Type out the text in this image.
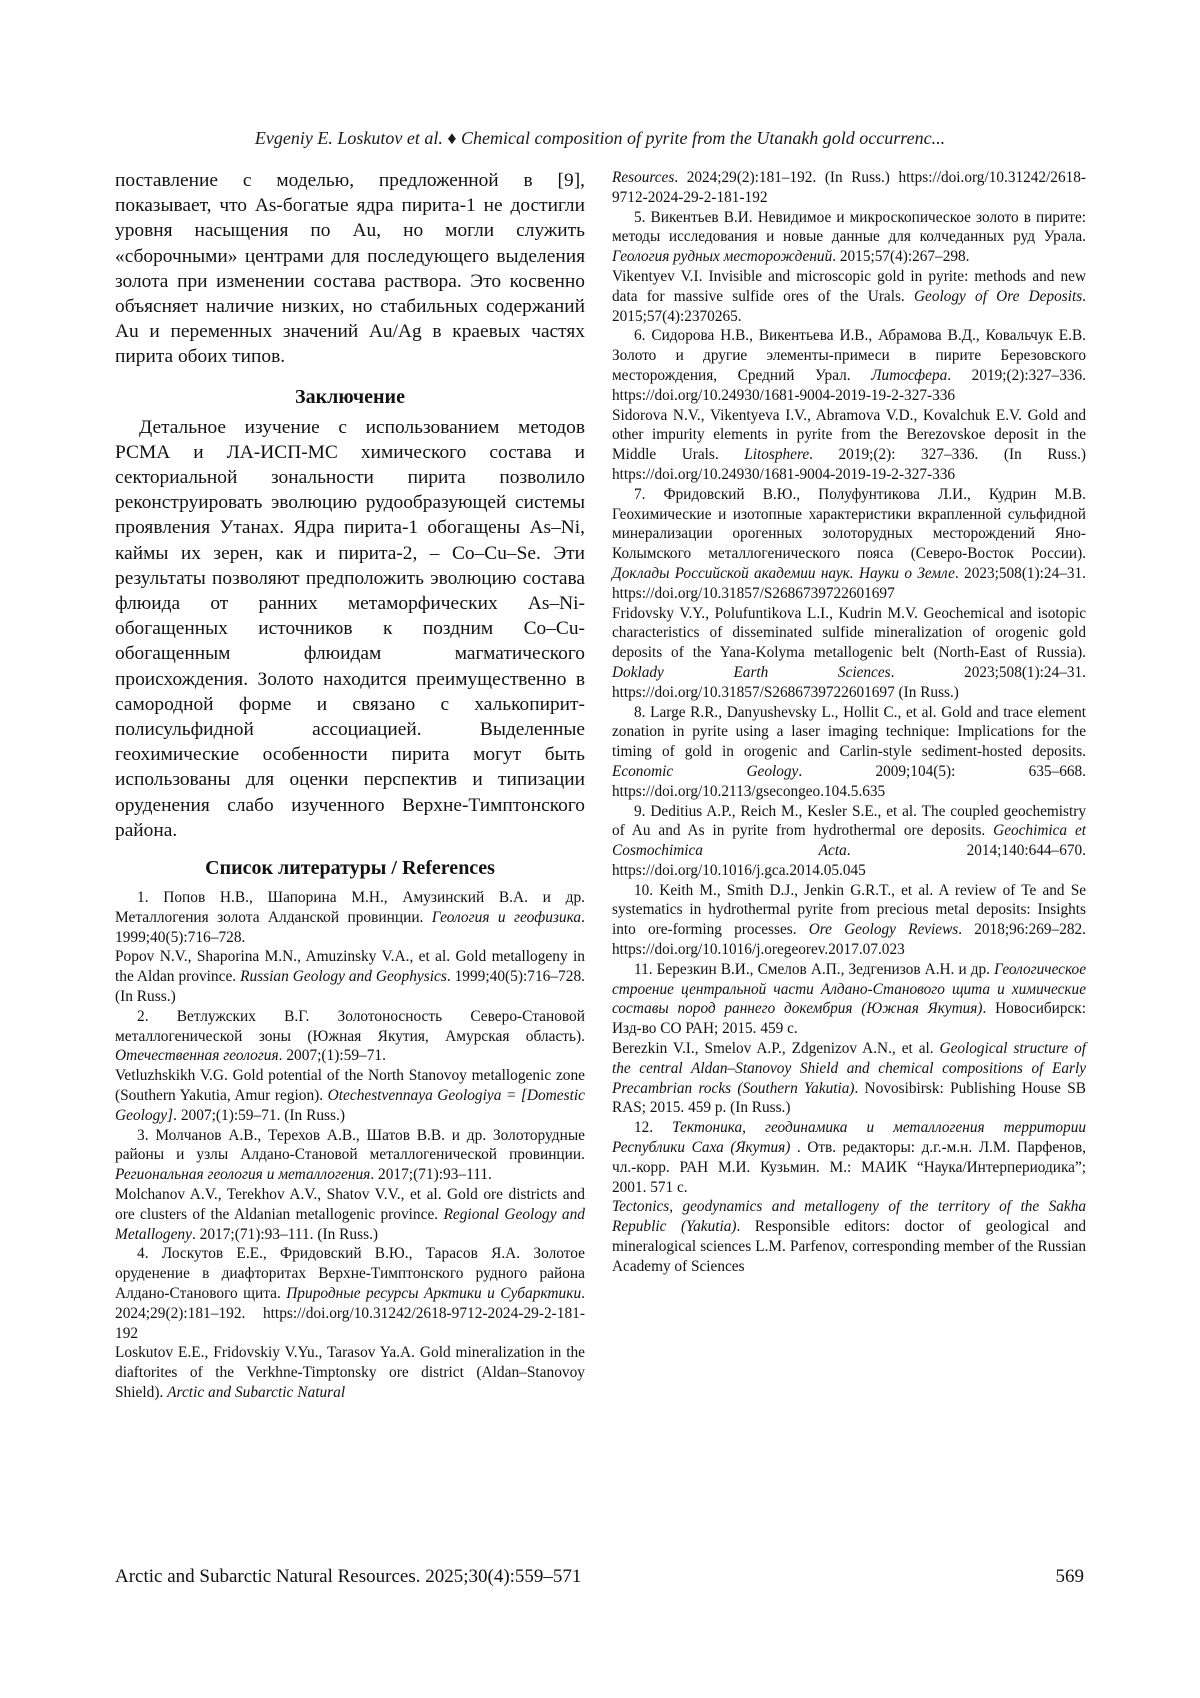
Evgeniy E. Loskutov et al. ♦ Chemical composition of pyrite from the Utanakh gold occurrenc...

поставление с моделью, предложенной в [9], показывает, что As-богатые ядра пирита-1 не достигли уровня насыщения по Au, но могли служить «сборочными» центрами для последующего выделения золота при изменении состава раствора. Это косвенно объясняет наличие низких, но стабильных содержаний Au и переменных значений Au/Ag в краевых частях пирита обоих типов.

Заключение

Детальное изучение с использованием методов РСМА и ЛА-ИСП-МС химического состава и секториальной зональности пирита позволило реконструировать эволюцию рудообразующей системы проявления Утанах. Ядра пирита-1 обогащены As–Ni, каймы их зерен, как и пирита-2, – Co–Cu–Se. Эти результаты позволяют предположить эволюцию состава флюида от ранних метаморфических As–Ni-обогащенных источников к поздним Co–Cu-обогащенным флюидам магматического происхождения. Золото находится преимущественно в самородной форме и связано с халькопирит-полисульфидной ассоциацией. Выделенные геохимические особенности пирита могут быть использованы для оценки перспектив и типизации оруденения слабо изученного Верхне-Тимптонского района.

Список литературы / References

1. Попов Н.В., Шапорина М.Н., Амузинский В.А. и др. Металлогения золота Алданской провинции. Геология и геофизика. 1999;40(5):716–728.

Popov N.V., Shaporina M.N., Amuzinsky V.A., et al. Gold metallogeny in the Aldan province. Russian Geology and Geophysics. 1999;40(5):716–728. (In Russ.)

2. Ветлужских В.Г. Золотоносность Северо-Становой металлогенической зоны (Южная Якутия, Амурская область). Отечественная геология. 2007;(1):59–71.

Vetluzhskikh V.G. Gold potential of the North Stanovoy metallogenic zone (Southern Yakutia, Amur region). Otechestvennaya Geologiya = [Domestic Geology]. 2007;(1):59–71. (In Russ.)

3. Молчанов А.В., Терехов А.В., Шатов В.В. и др. Золоторудные районы и узлы Алдано-Становой металлогенической провинции. Региональная геология и металлогения. 2017;(71):93–111.

Molchanov A.V., Terekhov A.V., Shatov V.V., et al. Gold ore districts and ore clusters of the Aldanian metallogenic province. Regional Geology and Metallogeny. 2017;(71):93–111. (In Russ.)

4. Лоскутов Е.Е., Фридовский В.Ю., Тарасов Я.А. Золотое оруденение в диафторитах Верхне-Тимптонского рудного района Алдано-Станового щита. Природные ресурсы Арктики и Субарктики. 2024;29(2):181–192. https://doi.org/10.31242/2618-9712-2024-29-2-181-192

Loskutov E.E., Fridovskiy V.Yu., Tarasov Ya.A. Gold mineralization in the diaftorites of the Verkhne-Timptonsky ore district (Aldan–Stanovoy Shield). Arctic and Subarctic Natural

Resources. 2024;29(2):181–192. (In Russ.) https://doi.org/10.31242/2618-9712-2024-29-2-181-192

5. Викентьев В.И. Невидимое и микроскопическое золото в пирите: методы исследования и новые данные для колчеданных руд Урала. Геология рудных месторождений. 2015;57(4):267–298.

Vikentyev V.I. Invisible and microscopic gold in pyrite: methods and new data for massive sulfide ores of the Urals. Geology of Ore Deposits. 2015;57(4):2370265.

6. Сидорова Н.В., Викентьева И.В., Абрамова В.Д., Ковальчук Е.В. Золото и другие элементы-примеси в пирите Березовского месторождения, Средний Урал. Литосфера. 2019;(2):327–336. https://doi.org/10.24930/1681-9004-2019-19-2-327-336

Sidorova N.V., Vikentyeva I.V., Abramova V.D., Kovalchuk E.V. Gold and other impurity elements in pyrite from the Berezovskoe deposit in the Middle Urals. Litosphere. 2019;(2): 327–336. (In Russ.) https://doi.org/10.24930/1681-9004-2019-19-2-327-336

7. Фридовский В.Ю., Полуфунтикова Л.И., Кудрин М.В. Геохимические и изотопные характеристики вкрапленной сульфидной минерализации орогенных золоторудных месторождений Яно-Колымского металлогенического пояса (Северо-Восток России). Доклады Российской академии наук. Науки о Земле. 2023;508(1):24–31. https://doi.org/10.31857/S2686739722601697

Fridovsky V.Y., Polufuntikova L.I., Kudrin M.V. Geochemical and isotopic characteristics of disseminated sulfide mineralization of orogenic gold deposits of the Yana-Kolyma metallogenic belt (North-East of Russia). Doklady Earth Sciences. 2023;508(1):24–31. https://doi.org/10.31857/S2686739722601697 (In Russ.)

8. Large R.R., Danyushevsky L., Hollit C., et al. Gold and trace element zonation in pyrite using a laser imaging technique: Implications for the timing of gold in orogenic and Carlin-style sediment-hosted deposits. Economic Geology. 2009;104(5): 635–668. https://doi.org/10.2113/gsecongeo.104.5.635

9. Deditius A.P., Reich M., Kesler S.E., et al. The coupled geochemistry of Au and As in pyrite from hydrothermal ore deposits. Geochimica et Cosmochimica Acta. 2014;140:644–670. https://doi.org/10.1016/j.gca.2014.05.045

10. Keith M., Smith D.J., Jenkin G.R.T., et al. A review of Te and Se systematics in hydrothermal pyrite from precious metal deposits: Insights into ore-forming processes. Ore Geology Reviews. 2018;96:269–282. https://doi.org/10.1016/j.oregeorev.2017.07.023

11. Березкин В.И., Смелов А.П., Зедгенизов А.Н. и др. Геологическое строение центральной части Алдано-Станового щита и химические составы пород раннего докембрия (Южная Якутия). Новосибирск: Изд-во СО РАН; 2015. 459 с.

Berezkin V.I., Smelov A.P., Zdgenizov A.N., et al. Geological structure of the central Aldan–Stanovoy Shield and chemical compositions of Early Precambrian rocks (Southern Yakutia). Novosibirsk: Publishing House SB RAS; 2015. 459 p. (In Russ.)

12. Тектоника, геодинамика и металлогения территории Республики Саха (Якутия) . Отв. редакторы: д.г.-м.н. Л.М. Парфенов, чл.-корр. РАН М.И. Кузьмин. М.: МАИК “Наука/Интерпериодика”; 2001. 571 с.

Tectonics, geodynamics and metallogeny of the territory of the Sakha Republic (Yakutia). Responsible editors: doctor of geological and mineralogical sciences L.M. Parfenov, corresponding member of the Russian Academy of Sciences

Arctic and Subarctic Natural Resources. 2025;30(4):559–571	569
